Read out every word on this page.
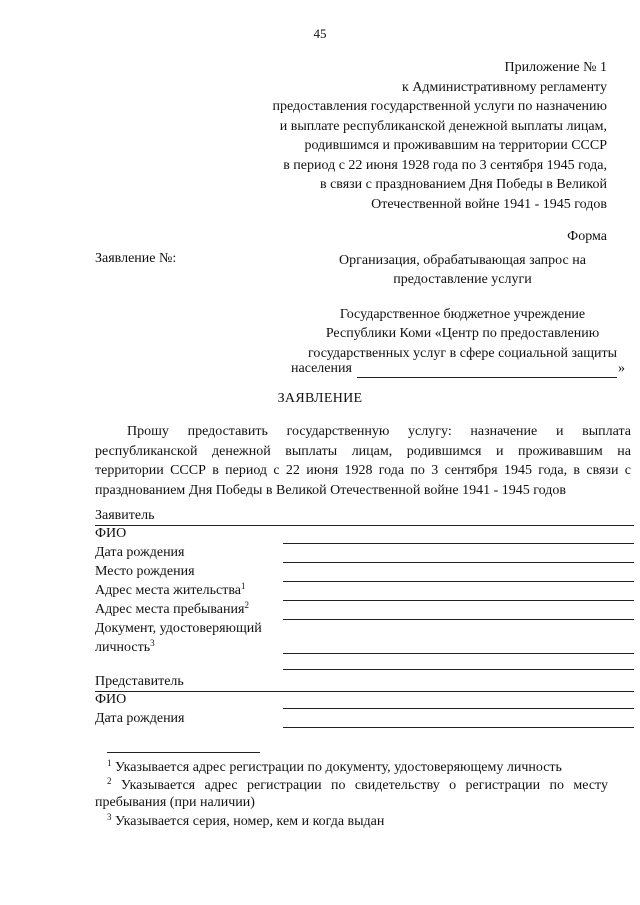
45
Приложение № 1
к Административному регламенту
предоставления государственной услуги по назначению
и выплате республиканской денежной выплаты лицам,
родившимся и проживавшим на территории СССР
в период с 22 июня 1928 года по 3 сентября 1945 года,
в связи с празднованием Дня Победы в Великой
Отечественной войне 1941 - 1945 годов
Форма
Заявление №:	Организация, обрабатывающая запрос на
предоставление услуги
Государственное бюджетное учреждение
Республики Коми «Центр по предоставлению
государственных услуг в сфере социальной защиты
населения	»
ЗАЯВЛЕНИЕ
Прошу предоставить государственную услугу: назначение и выплата
республиканской денежной выплаты лицам, родившимся и проживавшим на
территории СССР в период с 22 июня 1928 года по 3 сентября 1945 года, в связи с
празднованием Дня Победы в Великой Отечественной войне 1941 - 1945 годов
Заявитель
ФИО
Дата рождения
Место рождения
Адрес места жительства$^1$
Адрес места пребывания$^2$
Документ, удостоверяющий
личность$^3$
Представитель
ФИО
Дата рождения
$^1$ Указывается адрес регистрации по документу, удостоверяющему личность
$^2$ Указывается адрес регистрации по свидетельству о регистрации по месту
пребывания (при наличии)
$^3$ Указывается серия, номер, кем и когда выдан
